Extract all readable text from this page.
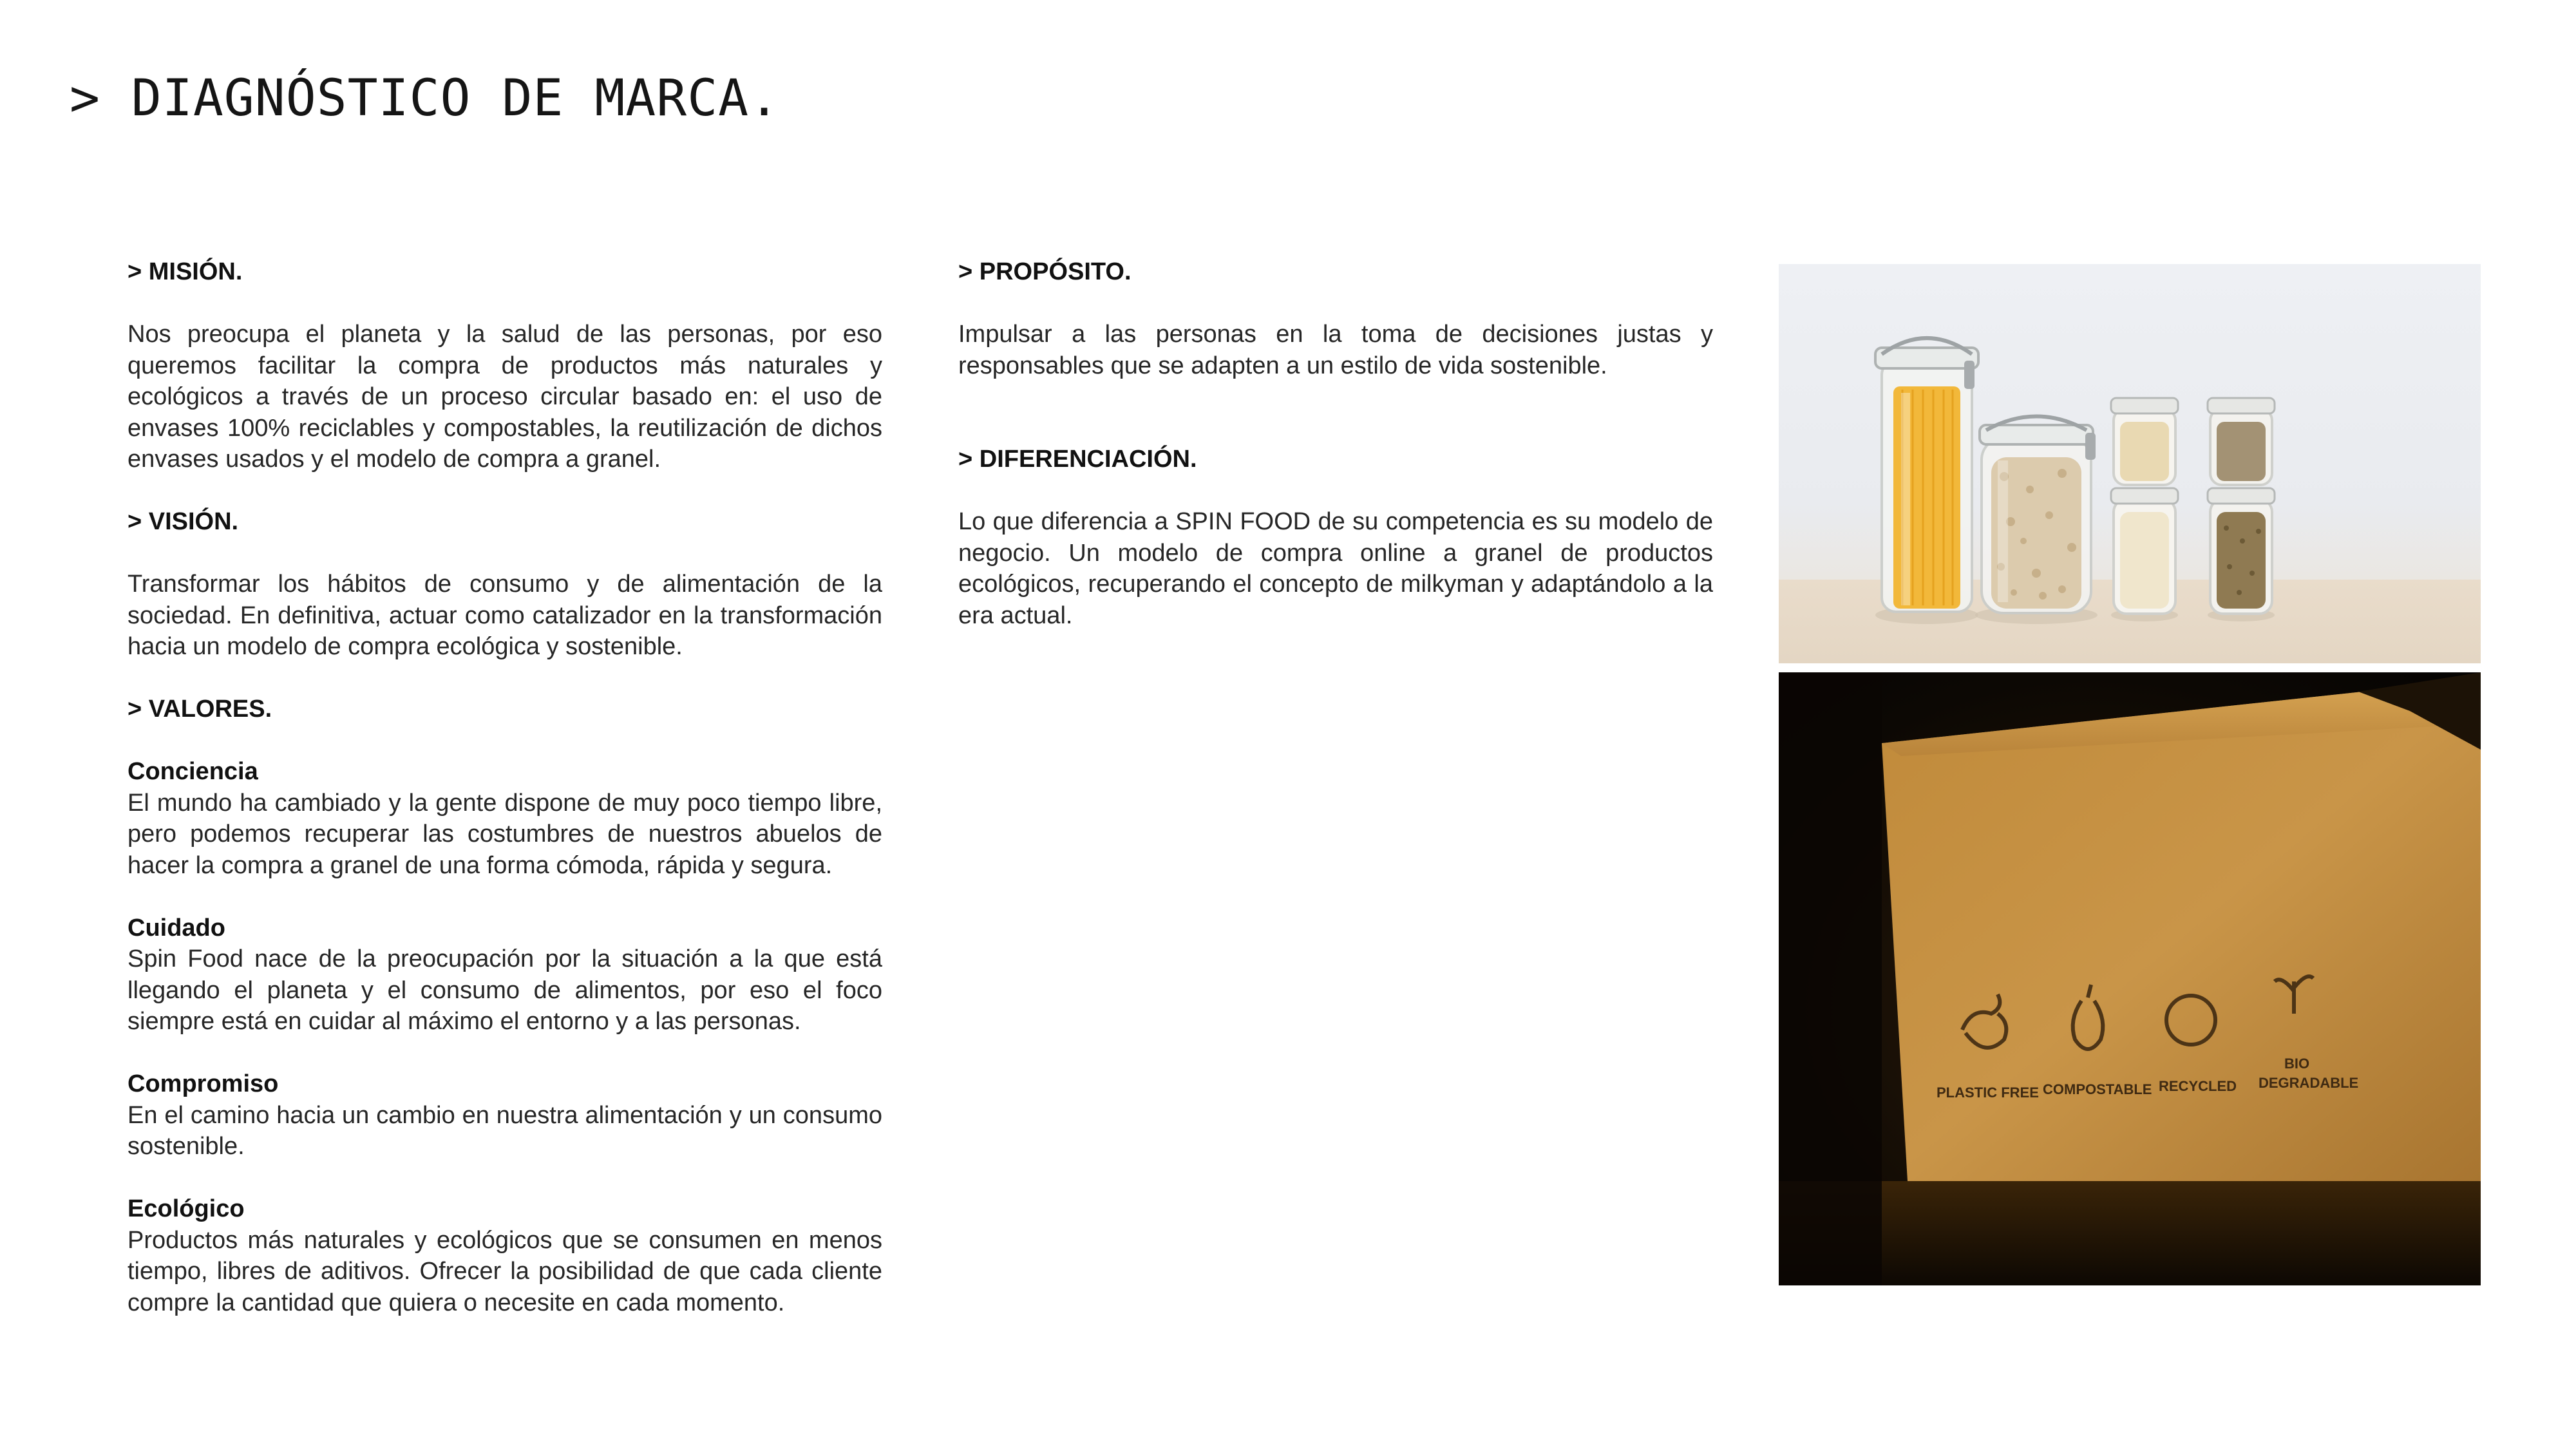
> DIAGNÓSTICO DE MARCA.
> MISIÓN.

Nos preocupa el planeta y la salud de las personas, por eso queremos facilitar la compra de productos más naturales y ecológicos a través de un proceso circular basado en: el uso de envases 100% reciclables y compostables, la reutilización de dichos envases usados y el modelo de compra a granel.

> VISIÓN.

Transformar los hábitos de consumo y de alimentación de la sociedad. En definitiva, actuar como catalizador en la transformación hacia un modelo de compra ecológica y sostenible.

> VALORES.
Conciencia
El mundo ha cambiado y la gente dispone de muy poco tiempo libre, pero podemos recuperar las costumbres de nuestros abuelos de hacer la compra a granel de una forma cómoda, rápida y segura.
Cuidado
Spin Food nace de la preocupación por la situación a la que está llegando el planeta y el consumo de alimentos, por eso el foco siempre está en cuidar al máximo el entorno y a las personas.
Compromiso
En el camino hacia un cambio en nuestra alimentación y un consumo sostenible.
Ecológico
Productos más naturales y ecológicos que se consumen en menos tiempo, libres de aditivos. Ofrecer la posibilidad de que cada cliente compre la cantidad que quiera o necesite en cada momento.
> PROPÓSITO.

Impulsar a las personas en la toma de decisiones justas y responsables que se adapten a un estilo de vida sostenible.

> DIFERENCIACIÓN.

Lo que diferencia a SPIN FOOD de su competencia es su modelo de negocio. Un modelo de compra online a granel de productos ecológicos, recuperando el concepto de milkyman y adaptándolo a la era actual.

PLASTIC FREE COMPOSTABLE RECYCLED
BIO
DEGRADABLE
